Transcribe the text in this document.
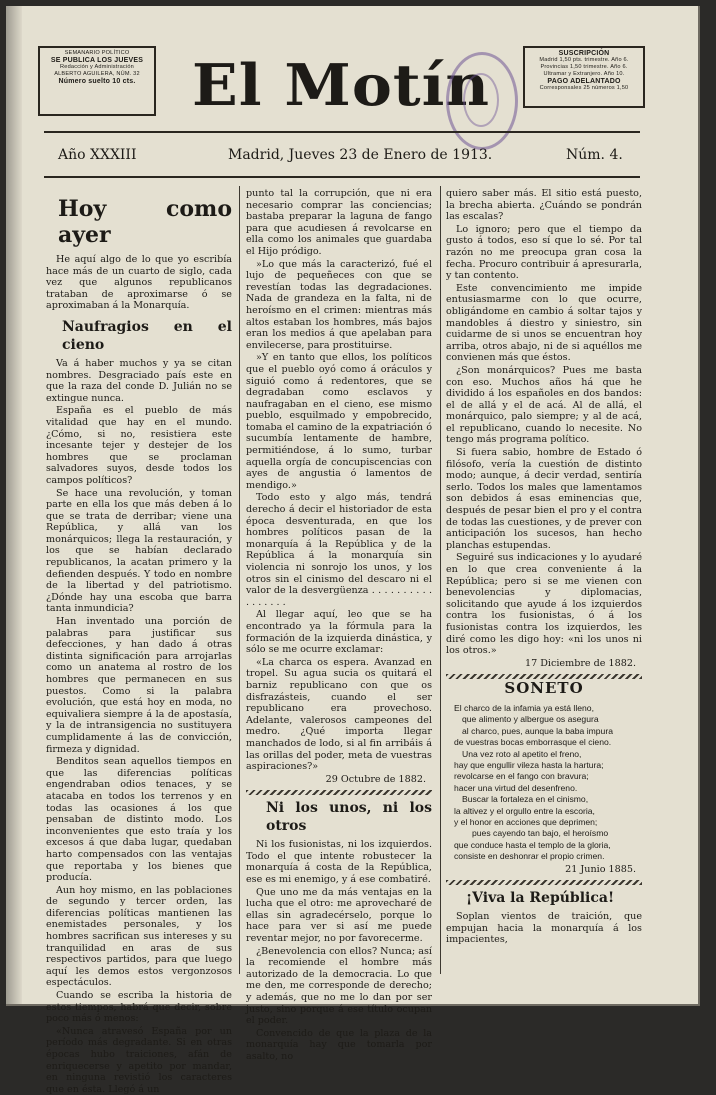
SEMANARIO POLÍTICO
SE PUBLICA LOS JUEVES
Redacción y Administración
ALBERTO AGUILERA, NÚM. 32
Número suelto 10 cts. El Motín	SUSCRIPCIÓN
Madrid 1,50 pts. trimestre. Año 6.
Provincias 1,50 trimestre. Año 6.
Ultramar y Extranjero. Año 10.
PAGO ADELANTADO
Corresponsales 25 números 1,50
Año XXXIII	Madrid, Jueves 23 de Enero de 1913.	Núm. 4.
Hoy como ayer

He aquí algo de lo que yo escribía hace más de un cuarto de siglo, cada vez que algunos republicanos trataban de aproximarse ó se aproximaban á la Monarquía.

Naufragios en el cieno

Va á haber muchos y ya se citan nombres. Desgraciado país este en que la raza del conde D. Julián no se extingue nunca.

España es el pueblo de más vitalidad que hay en el mundo. ¿Cómo, si no, resistiera este incesante tejer y destejer de los hombres que se proclaman salvadores suyos, desde todos los campos políticos?

Se hace una revolución, y toman parte en ella los que más deben á lo que se trata de derribar; viene una República, y allá van los monárquicos; llega la restauración, y los que se habían declarado republicanos, la acatan primero y la defienden después. Y todo en nombre de la libertad y del patriotismo. ¿Dónde hay una escoba que barra tanta inmundicia?

Han inventado una porción de palabras para justificar sus defecciones, y han dado á otras distinta significación para arrojarlas como un anatema al rostro de los hombres que permanecen en sus puestos. Como si la palabra evolución, que está hoy en moda, no equivaliera siempre á la de apostasía, y la de intransigencia no sustituyera cumplidamente á las de convicción, firmeza y dignidad.

Benditos sean aquellos tiempos en que las diferencias políticas engendraban odios tenaces, y se atacaba en todos los terrenos y en todas las ocasiones á los que pensaban de distinto modo. Los inconvenientes que esto traía y los excesos á que daba lugar, quedaban harto compensados con las ventajas que reportaba y los bienes que producía.

Aun hoy mismo, en las poblaciones de segundo y tercer orden, las diferencias políticas mantienen las enemistades personales, y los hombres sacrifican sus intereses y su tranquilidad en aras de sus respectivos partidos, para que luego aquí les demos estos vergonzosos espectáculos.

Cuando se escriba la historia de estos tiempos, habrá que decir, sobre poco más ó menos:

«Nunca atravesó España por un período más degradante. Si en otras épocas hubo traiciones, afán de enriquecerse y apetito por mandar, en ninguna revistió los caracteres que en ésta. Llegó á un

punto tal la corrupción, que ni era necesario comprar las conciencias; bastaba preparar la laguna de fango para que acudiesen á revolcarse en ella como los animales que guardaba el Hijo pródigo.

»Lo que más la caracterizó, fué el lujo de pequeñeces con que se revestían todas las degradaciones. Nada de grandeza en la falta, ni de heroísmo en el crimen: mientras más altos estaban los hombres, más bajos eran los medios á que apelaban para envilecerse, para prostituirse.

»Y en tanto que ellos, los políticos que el pueblo oyó como á oráculos y siguió como á redentores, que se degradaban como esclavos y naufragaban en el cieno, ese mismo pueblo, esquilmado y empobrecido, tomaba el camino de la expatriación ó sucumbía lentamente de hambre, permitiéndose, á lo sumo, turbar aquella orgía de concupiscencias con ayes de angustia ó lamentos de mendigo.»

Todo esto y algo más, tendrá derecho á decir el historiador de esta época desventurada, en que los hombres políticos pasan de la monarquía á la República y de la República á la monarquía sin violencia ni sonrojo los unos, y los otros sin el cinismo del descaro ni el valor de la desvergüenza . . . . . . . . . . . . . . . . .

Al llegar aquí, leo que se ha encontrado ya la fórmula para la formación de la izquierda dinástica, y sólo se me ocurre exclamar:

«La charca os espera. Avanzad en tropel. Su agua sucia os quitará el barniz republicano con que os disfrazásteis, cuando el ser republicano era provechoso. Adelante, valerosos campeones del medro. ¿Qué importa llegar manchados de lodo, si al fin arribáis á las orillas del poder, meta de vuestras aspiraciones?»

29 Octubre de 1882.

Ni los unos, ni los otros

Ni los fusionistas, ni los izquierdos. Todo el que intente robustecer la monarquía á costa de la República, ese es mi enemigo, y á ese combatiré.

Que uno me da más ventajas en la lucha que el otro: me aprovecharé de ellas sin agradecérselo, porque lo hace para ver si así me puede reventar mejor, no por favorecerme.

¿Benevolencia con ellos? Nunca; así la recomiende el hombre más autorizado de la democracia. Lo que me den, me corresponde de derecho; y además, que no me lo dan por ser justo, sino porque á ese título ocupan el poder.

Convencido de que la plaza de la monarquía hay que tomarla por asalto, no

quiero saber más. El sitio está puesto, la brecha abierta. ¿Cuándo se pondrán las escalas?

Lo ignoro; pero que el tiempo da gusto á todos, eso sí que lo sé. Por tal razón no me preocupa gran cosa la fecha. Procuro contribuir á apresurarla, y tan contento.

Este convencimiento me impide entusiasmarme con lo que ocurre, obligándome en cambio á soltar tajos y mandobles á diestro y siniestro, sin cuidarme de si unos se encuentran hoy arriba, otros abajo, ni de si aquéllos me convienen más que éstos.

¿Son monárquicos? Pues me basta con eso. Muchos años há que he dividido á los españoles en dos bandos: el de allá y el de acá. Al de allá, el monárquico, palo siempre; y al de acá, el republicano, cuando lo necesite. No tengo más programa político.

Si fuera sabio, hombre de Estado ó filósofo, vería la cuestión de distinto modo; aunque, á decir verdad, sentiría serlo. Todos los males que lamentamos son debidos á esas eminencias que, después de pesar bien el pro y el contra de todas las cuestiones, y de prever con anticipación los sucesos, han hecho planchas estupendas.

Seguiré sus indicaciones y lo ayudaré en lo que crea conveniente á la República; pero si se me vienen con benevolencias y diplomacias, solicitando que ayude á los izquierdos contra los fusionistas, ó á los fusionistas contra los izquierdos, les diré como les digo hoy: «ni los unos ni los otros.»

17 Diciembre de 1882.

SONETO
El charco de la infamia ya está lleno,
que alimento y albergue os asegura
al charco, pues, aunque la baba impura
de vuestras bocas emborrasque el cieno.
Una vez roto al apetito el freno,
hay que engullir vileza hasta la hartura;
revolcarse en el fango con bravura;
hacer una virtud del desenfreno.
Buscar la fortaleza en el cinismo,
la altivez y el orgullo entre la escoria,
y el honor en acciones que deprimen;
pues cayendo tan bajo, el heroísmo
que conduce hasta el templo de la gloria,
consiste en deshonrar el propio crimen.

21 Junio 1885.

¡Viva la República!

Soplan vientos de traición, que empujan hacia la monarquía á los impacientes,
